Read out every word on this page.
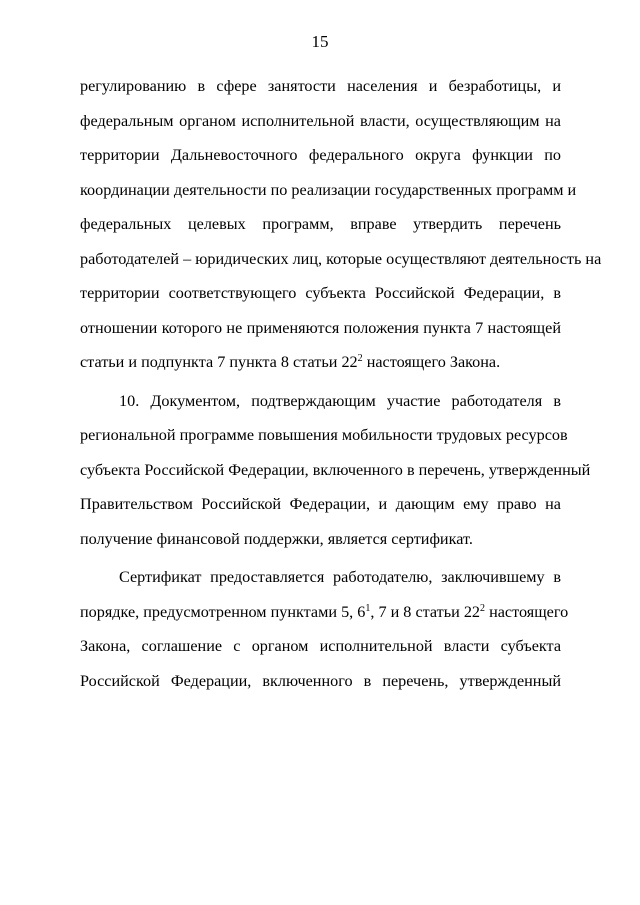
15
регулированию в сфере занятости населения и безработицы, и
федеральным органом исполнительной власти, осуществляющим на
территории Дальневосточного федерального округа функции по
координации деятельности по реализации государственных программ и
федеральных целевых программ, вправе утвердить перечень
работодателей – юридических лиц, которые осуществляют деятельность на
территории соответствующего субъекта Российской Федерации, в
отношении которого не применяются положения пункта 7 настоящей
статьи и подпункта 7 пункта 8 статьи $22^2$ настоящего Закона.
10. Документом, подтверждающим участие работодателя в
региональной программе повышения мобильности трудовых ресурсов
субъекта Российской Федерации, включенного в перечень, утвержденный
Правительством Российской Федерации, и дающим ему право на
получение финансовой поддержки, является сертификат.
Сертификат предоставляется работодателю, заключившему в
порядке, предусмотренном пунктами 5, $6^1$, 7 и 8 статьи $22^2$ настоящего
Закона, соглашение с органом исполнительной власти субъекта
Российской Федерации, включенного в перечень, утвержденный
